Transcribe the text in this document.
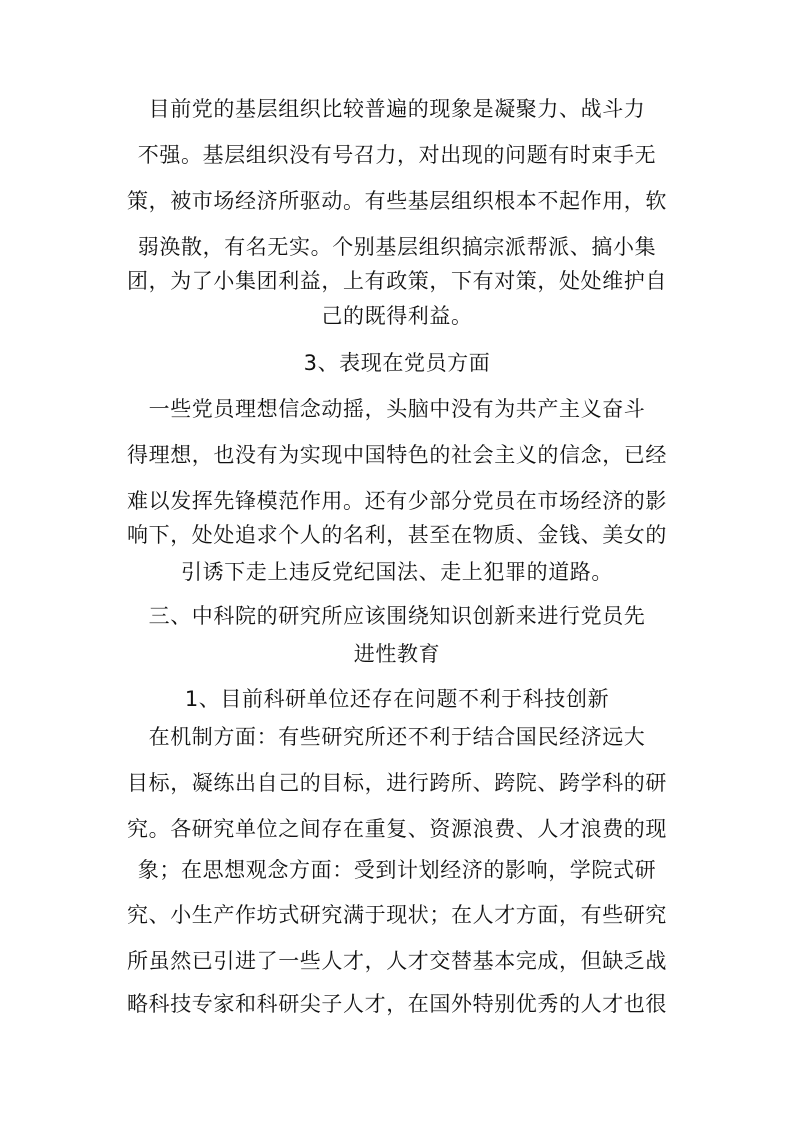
目前党的基层组织比较普遍的现象是凝聚力、战斗力
不强。基层组织没有号召力，对出现的问题有时束手无
策，被市场经济所驱动。有些基层组织根本不起作用，软
弱涣散，有名无实。个别基层组织搞宗派帮派、搞小集
团，为了小集团利益，上有政策，下有对策，处处维护自
己的既得利益。
3、表现在党员方面
一些党员理想信念动摇，头脑中没有为共产主义奋斗
得理想，也没有为实现中国特色的社会主义的信念，已经
难以发挥先锋模范作用。还有少部分党员在市场经济的影
响下，处处追求个人的名利，甚至在物质、金钱、美女的
引诱下走上违反党纪国法、走上犯罪的道路。
三、中科院的研究所应该围绕知识创新来进行党员先
进性教育
1、目前科研单位还存在问题不利于科技创新
在机制方面：有些研究所还不利于结合国民经济远大
目标，凝练出自己的目标，进行跨所、跨院、跨学科的研
究。各研究单位之间存在重复、资源浪费、人才浪费的现
象；在思想观念方面：受到计划经济的影响，学院式研
究、小生产作坊式研究满于现状；在人才方面，有些研究
所虽然已引进了一些人才，人才交替基本完成，但缺乏战
略科技专家和科研尖子人才，在国外特别优秀的人才也很
